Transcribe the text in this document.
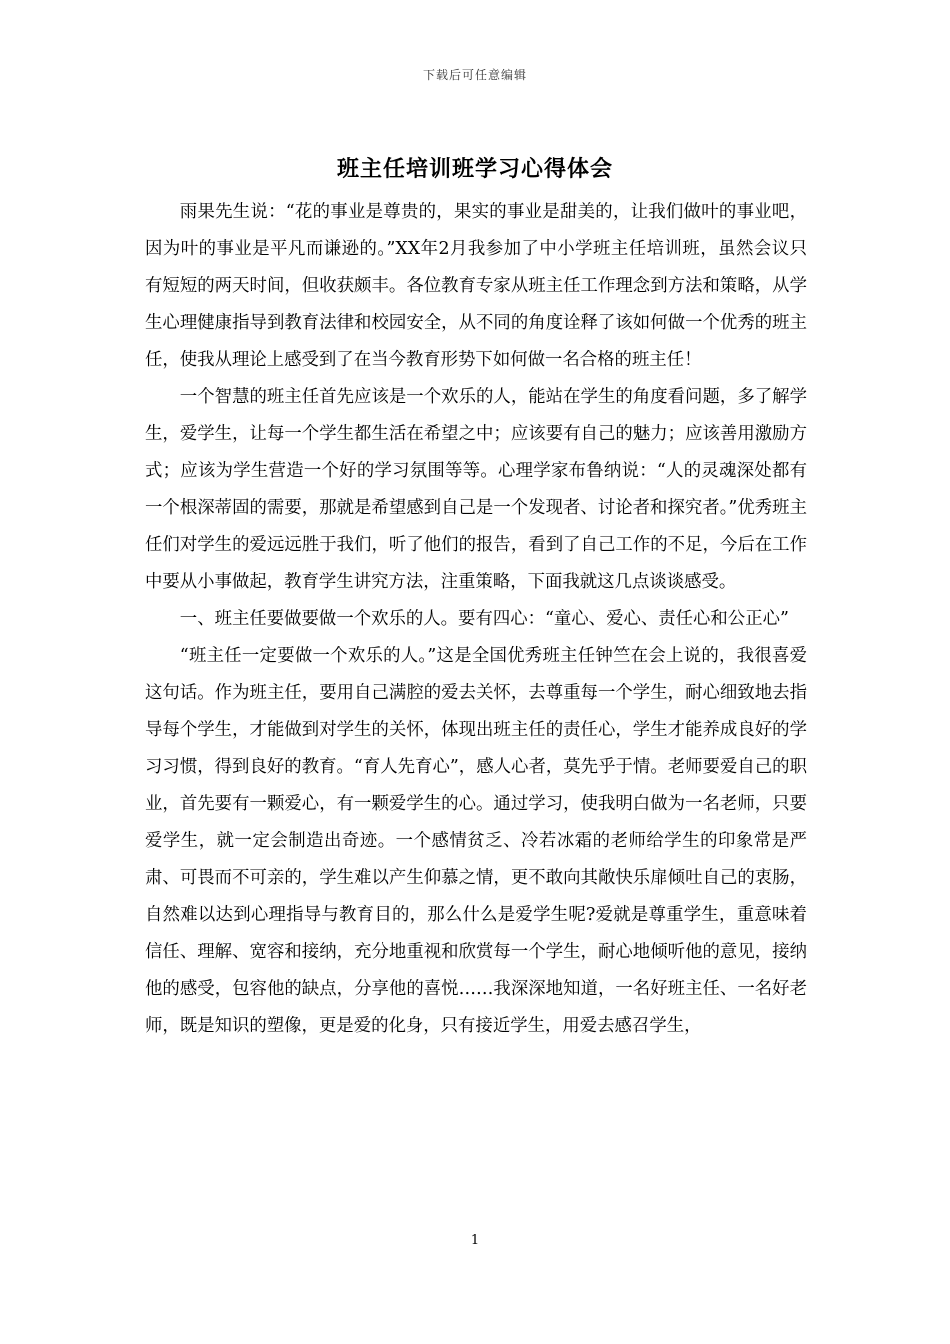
下载后可任意编辑
班主任培训班学习心得体会

雨果先生说：“花的事业是尊贵的，果实的事业是甜美的，让我们做叶的事业吧，因为叶的事业是平凡而谦逊的。”XX年2月我参加了中小学班主任培训班，虽然会议只有短短的两天时间，但收获颇丰。各位教育专家从班主任工作理念到方法和策略，从学生心理健康指导到教育法律和校园安全，从不同的角度诠释了该如何做一个优秀的班主任，使我从理论上感受到了在当今教育形势下如何做一名合格的班主任！

一个智慧的班主任首先应该是一个欢乐的人，能站在学生的角度看问题，多了解学生，爱学生，让每一个学生都生活在希望之中；应该要有自己的魅力；应该善用激励方式；应该为学生营造一个好的学习氛围等等。心理学家布鲁纳说：“人的灵魂深处都有一个根深蒂固的需要，那就是希望感到自己是一个发现者、讨论者和探究者。”优秀班主任们对学生的爱远远胜于我们，听了他们的报告，看到了自己工作的不足，今后在工作中要从小事做起，教育学生讲究方法，注重策略，下面我就这几点谈谈感受。

一、班主任要做要做一个欢乐的人。要有四心：“童心、爱心、责任心和公正心”

“班主任一定要做一个欢乐的人。”这是全国优秀班主任钟竺在会上说的，我很喜爱这句话。作为班主任，要用自己满腔的爱去关怀，去尊重每一个学生，耐心细致地去指导每个学生，才能做到对学生的关怀，体现出班主任的责任心，学生才能养成良好的学习习惯，得到良好的教育。“育人先育心”，感人心者，莫先乎于情。老师要爱自己的职业，首先要有一颗爱心，有一颗爱学生的心。通过学习，使我明白做为一名老师，只要爱学生，就一定会制造出奇迹。一个感情贫乏、冷若冰霜的老师给学生的印象常是严肃、可畏而不可亲的，学生难以产生仰慕之情，更不敢向其敞快乐扉倾吐自己的衷肠，自然难以达到心理指导与教育目的，那么什么是爱学生呢?爱就是尊重学生，重意味着信任、理解、宽容和接纳，充分地重视和欣赏每一个学生，耐心地倾听他的意见，接纳他的感受，包容他的缺点，分享他的喜悦……我深深地知道，一名好班主任、一名好老师，既是知识的塑像，更是爱的化身，只有接近学生，用爱去感召学生，

1
